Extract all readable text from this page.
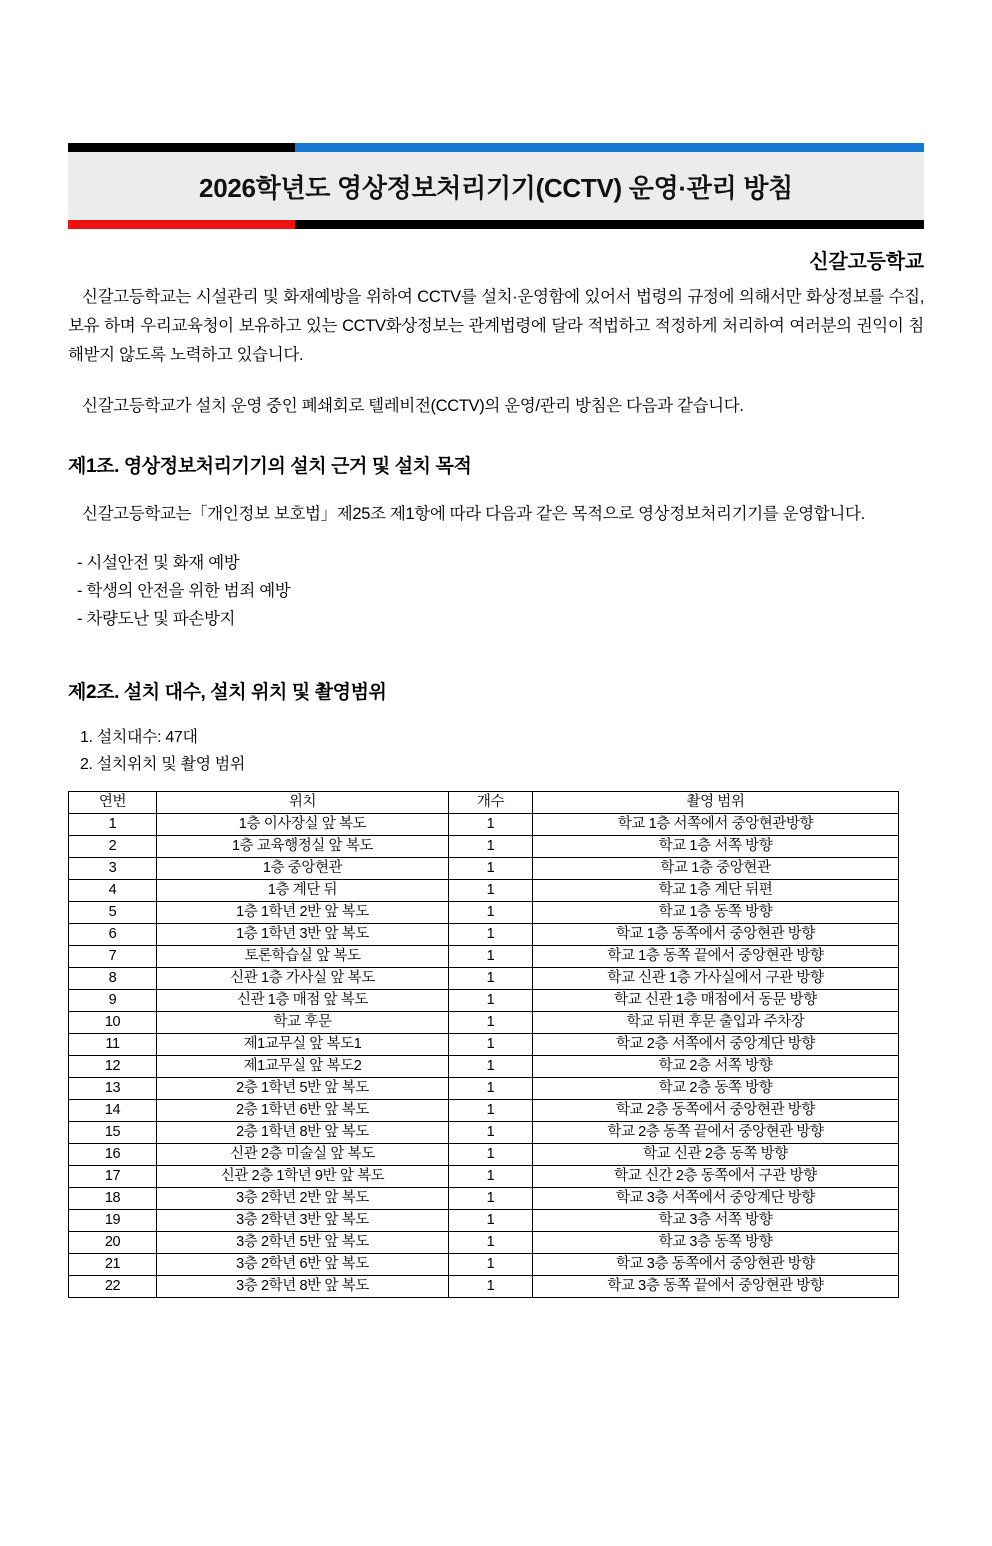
2026학년도 영상정보처리기기(CCTV) 운영·관리 방침
신갈고등학교

신갈고등학교는 시설관리 및 화재예방을 위하여 CCTV를 설치·운영함에 있어서 법령의 규정에 의해서만 화상정보를 수집,보유 하며 우리교육청이 보유하고 있는 CCTV화상정보는 관계법령에 달라 적법하고 적정하게 처리하여 여러분의 권익이 침해받지 않도록 노력하고 있습니다.

신갈고등학교가 설치 운영 중인 폐쇄회로 텔레비전(CCTV)의 운영/관리 방침은 다음과 같습니다.

제1조. 영상정보처리기기의 설치 근거 및 설치 목적

신갈고등학교는「개인정보 보호법」제25조 제1항에 따라 다음과 같은 목적으로 영상정보처리기기를 운영합니다.

- 시설안전 및 화재 예방
- 학생의 안전을 위한 범죄 예방
- 차량도난 및 파손방지
제2조. 설치 대수, 설치 위치 및 촬영범위
1. 설치대수: 47대
2. 설치위치 및 촬영 범위
연번	위치	개수	촬영 범위
1	1층 이사장실 앞 복도	1	학교 1층 서쪽에서 중앙현관방향
2	1층 교육행정실 앞 복도	1	학교 1층 서쪽 방향
3	1층 중앙현관	1	학교 1층 중앙현관
4	1층 계단 뒤	1	학교 1층 계단 뒤편
5	1층 1학년 2반 앞 복도	1	학교 1층 동쪽 방향
6	1층 1학년 3반 앞 복도	1	학교 1층 동쪽에서 중앙현관 방향
7	토론학습실 앞 복도	1	학교 1층 동쪽 끝에서 중앙현관 방향
8	신관 1층 가사실 앞 복도	1	학교 신관 1층 가사실에서 구관 방향
9	신관 1층 매점 앞 복도	1	학교 신관 1층 매점에서 동문 방향
10	학교 후문	1	학교 뒤편 후문 출입과 주차장
11	제1교무실 앞 복도1	1	학교 2층 서쪽에서 중앙계단 방향
12	제1교무실 앞 복도2	1	학교 2층 서쪽 방향
13	2층 1학년 5반 앞 복도	1	학교 2층 동쪽 방향
14	2층 1학년 6반 앞 복도	1	학교 2층 동쪽에서 중앙현관 방향
15	2층 1학년 8반 앞 복도	1	학교 2층 동쪽 끝에서 중앙현관 방향
16	신관 2층 미술실 앞 복도	1	학교 신관 2층 동쪽 방향
17	신관 2층 1학년 9반 앞 복도	1	학교 신간 2층 동쪽에서 구관 방향
18	3층 2학년 2반 앞 복도	1	학교 3층 서쪽에서 중앙계단 방향
19	3층 2학년 3반 앞 복도	1	학교 3층 서쪽 방향
20	3층 2학년 5반 앞 복도	1	학교 3층 동쪽 방향
21	3층 2학년 6반 앞 복도	1	학교 3층 동쪽에서 중앙현관 방향
22	3층 2학년 8반 앞 복도	1	학교 3층 동쪽 끝에서 중앙현관 방향
